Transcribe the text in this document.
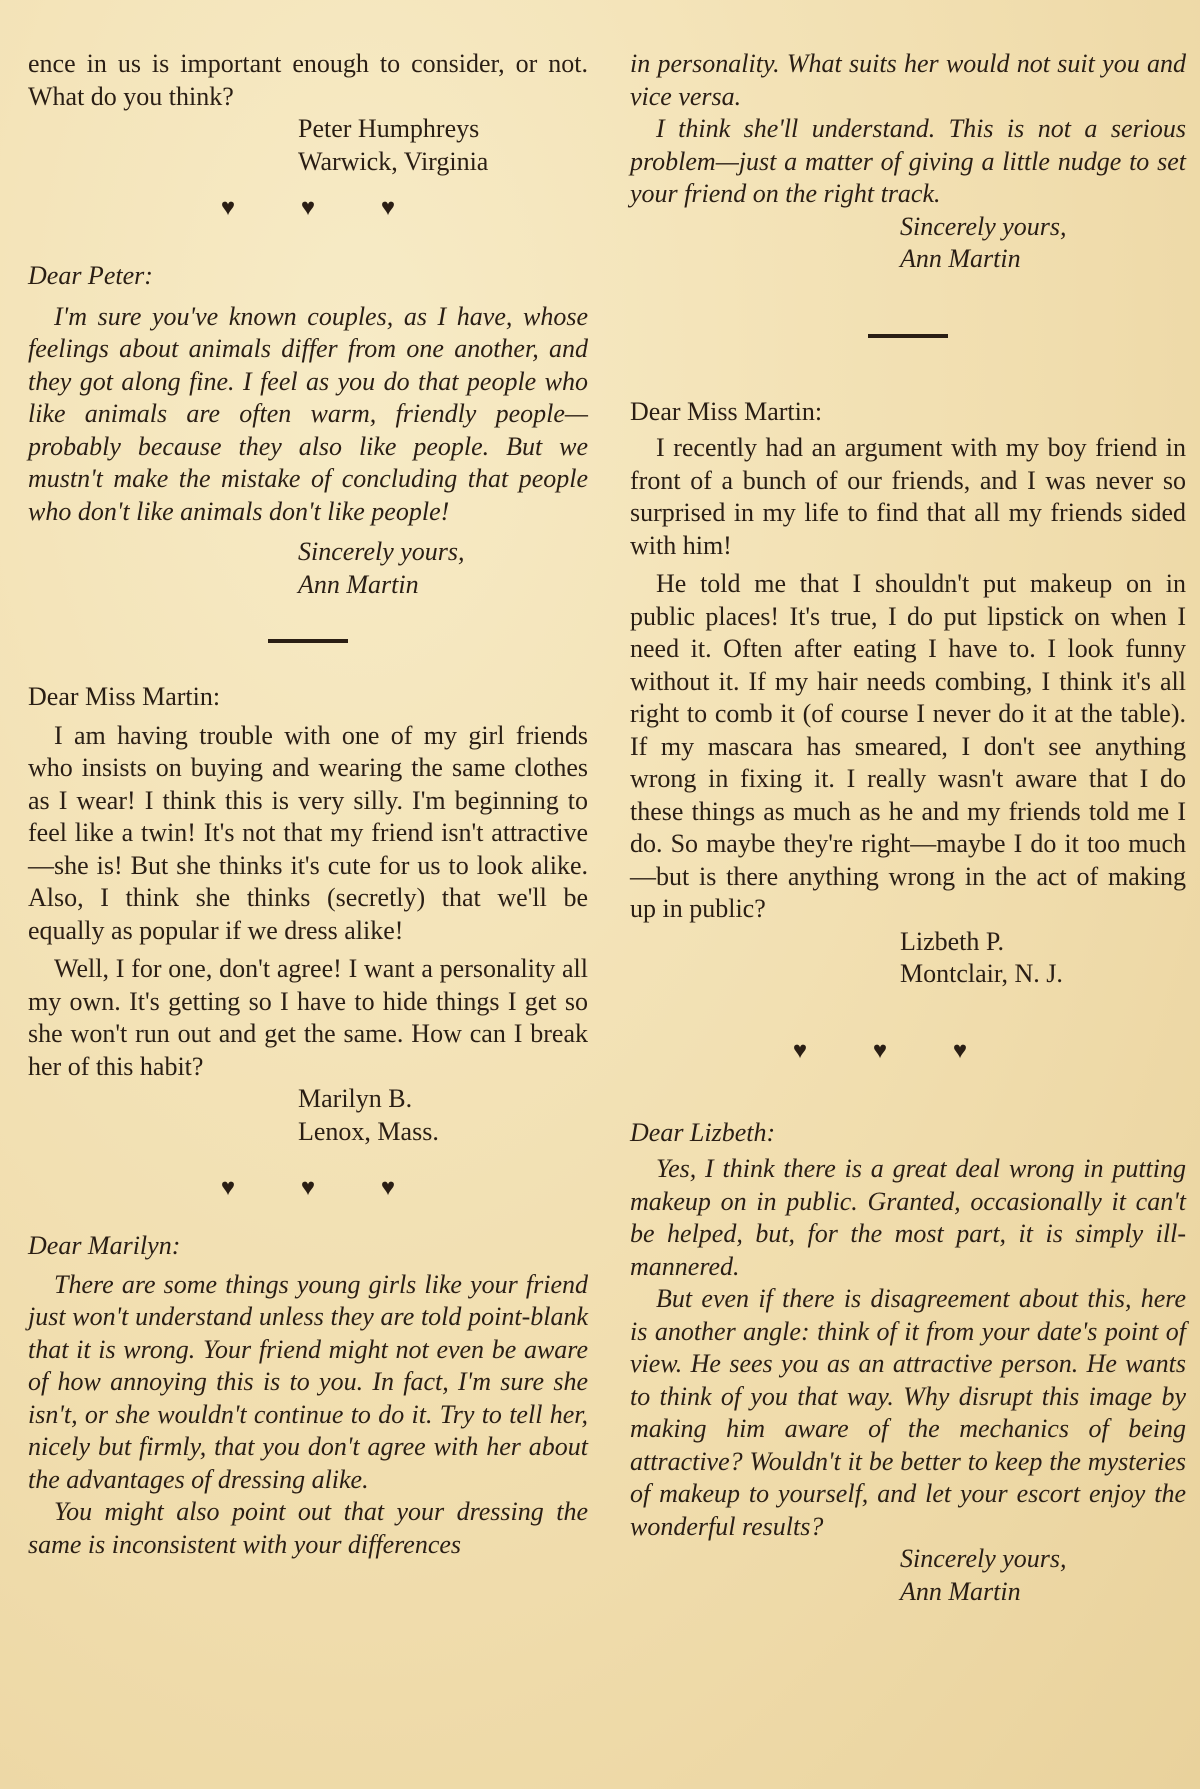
ence in us is important enough to consider, or not. What do you think?

Peter Humphreys
Warwick, Virginia
♥	♥	♥
Dear Peter:

I'm sure you've known couples, as I have, whose feelings about animals differ from one another, and they got along fine. I feel as you do that people who like animals are often warm, friendly people—probably because they also like people. But we mustn't make the mistake of concluding that people who don't like animals don't like people!

Sincerely yours,
Ann Martin
Dear Miss Martin:

I am having trouble with one of my girl friends who insists on buying and wearing the same clothes as I wear! I think this is very silly. I'm beginning to feel like a twin! It's not that my friend isn't attractive—she is! But she thinks it's cute for us to look alike. Also, I think she thinks (secretly) that we'll be equally as popular if we dress alike!

Well, I for one, don't agree! I want a personality all my own. It's getting so I have to hide things I get so she won't run out and get the same. How can I break her of this habit?

Marilyn B.
Lenox, Mass.
♥	♥	♥
Dear Marilyn:

There are some things young girls like your friend just won't understand unless they are told point-blank that it is wrong. Your friend might not even be aware of how annoying this is to you. In fact, I'm sure she isn't, or she wouldn't continue to do it. Try to tell her, nicely but firmly, that you don't agree with her about the advantages of dressing alike.

You might also point out that your dressing the same is inconsistent with your differences

in personality. What suits her would not suit you and vice versa.

I think she'll understand. This is not a serious problem—just a matter of giving a little nudge to set your friend on the right track.

Sincerely yours,
Ann Martin
Dear Miss Martin:

I recently had an argument with my boy friend in front of a bunch of our friends, and I was never so surprised in my life to find that all my friends sided with him!

He told me that I shouldn't put makeup on in public places! It's true, I do put lipstick on when I need it. Often after eating I have to. I look funny without it. If my hair needs combing, I think it's all right to comb it (of course I never do it at the table). If my mascara has smeared, I don't see anything wrong in fixing it. I really wasn't aware that I do these things as much as he and my friends told me I do. So maybe they're right—maybe I do it too much—but is there anything wrong in the act of making up in public?

Lizbeth P.
Montclair, N. J.
♥	♥	♥
Dear Lizbeth:

Yes, I think there is a great deal wrong in putting makeup on in public. Granted, occasionally it can't be helped, but, for the most part, it is simply ill-mannered.

But even if there is disagreement about this, here is another angle: think of it from your date's point of view. He sees you as an attractive person. He wants to think of you that way. Why disrupt this image by making him aware of the mechanics of being attractive? Wouldn't it be better to keep the mysteries of makeup to yourself, and let your escort enjoy the wonderful results?

Sincerely yours,
Ann Martin
